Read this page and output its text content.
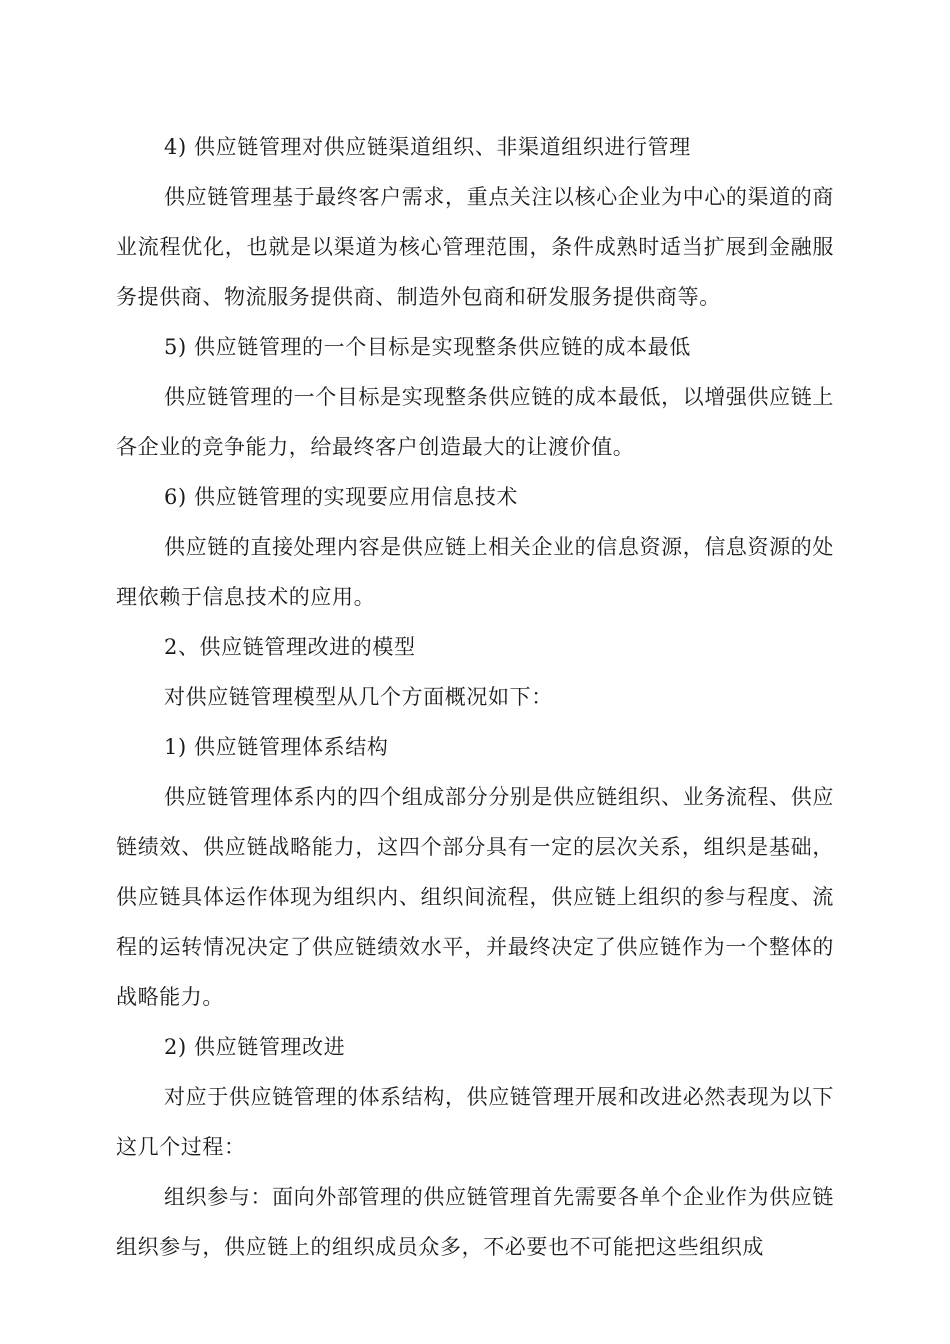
4) 供应链管理对供应链渠道组织、非渠道组织进行管理

供应链管理基于最终客户需求，重点关注以核心企业为中心的渠道的商业流程优化，也就是以渠道为核心管理范围，条件成熟时适当扩展到金融服务提供商、物流服务提供商、制造外包商和研发服务提供商等。

5) 供应链管理的一个目标是实现整条供应链的成本最低

供应链管理的一个目标是实现整条供应链的成本最低，以增强供应链上各企业的竞争能力，给最终客户创造最大的让渡价值。

6) 供应链管理的实现要应用信息技术

供应链的直接处理内容是供应链上相关企业的信息资源，信息资源的处理依赖于信息技术的应用。

2、供应链管理改进的模型

对供应链管理模型从几个方面概况如下：

1) 供应链管理体系结构

供应链管理体系内的四个组成部分分别是供应链组织、业务流程、供应链绩效、供应链战略能力，这四个部分具有一定的层次关系，组织是基础，供应链具体运作体现为组织内、组织间流程，供应链上组织的参与程度、流程的运转情况决定了供应链绩效水平，并最终决定了供应链作为一个整体的战略能力。

2) 供应链管理改进

对应于供应链管理的体系结构，供应链管理开展和改进必然表现为以下这几个过程：

组织参与：面向外部管理的供应链管理首先需要各单个企业作为供应链组织参与，供应链上的组织成员众多，不必要也不可能把这些组织成
